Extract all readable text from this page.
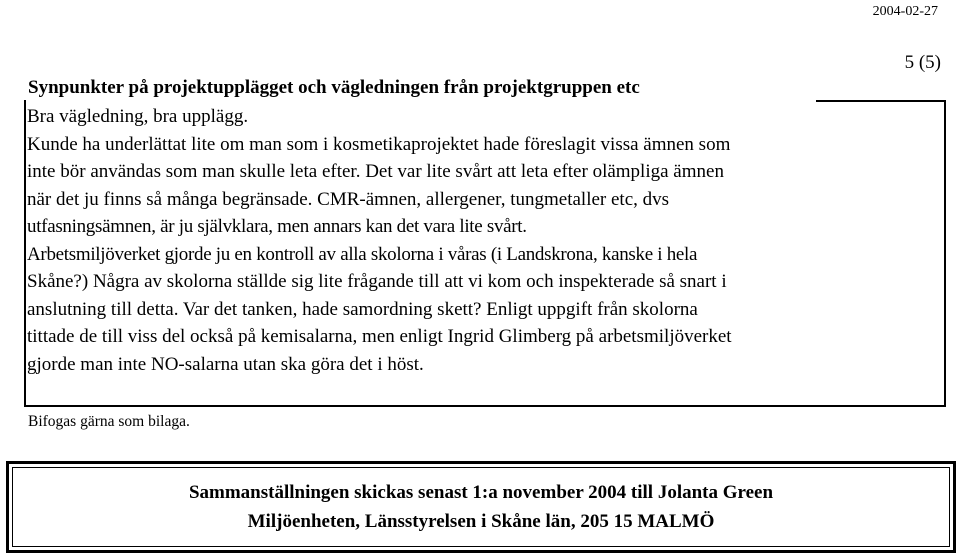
2004-02-27
5 (5)
Synpunkter på projektupplägget och vägledningen från projektgruppen etc
Bra vägledning, bra upplägg.
Kunde ha underlättat lite om man som i kosmetikaprojektet hade föreslagit vissa ämnen som
inte bör användas som man skulle leta efter. Det var lite svårt att leta efter olämpliga ämnen
när det ju finns så många begränsade. CMR-ämnen, allergener, tungmetaller etc, dvs
utfasningsämnen, är ju självklara, men annars kan det vara lite svårt.
Arbetsmiljöverket gjorde ju en kontroll av alla skolorna i våras (i Landskrona, kanske i hela
Skåne?) Några av skolorna ställde sig lite frågande till att vi kom och inspekterade så snart i
anslutning till detta. Var det tanken, hade samordning skett? Enligt uppgift från skolorna
tittade de till viss del också på kemisalarna, men enligt Ingrid Glimberg på arbetsmiljöverket
gjorde man inte NO-salarna utan ska göra det i höst.
Bifogas gärna som bilaga.
Sammanställningen skickas senast 1:a november 2004 till Jolanta Green
Miljöenheten, Länsstyrelsen i Skåne län, 205 15 MALMÖ
